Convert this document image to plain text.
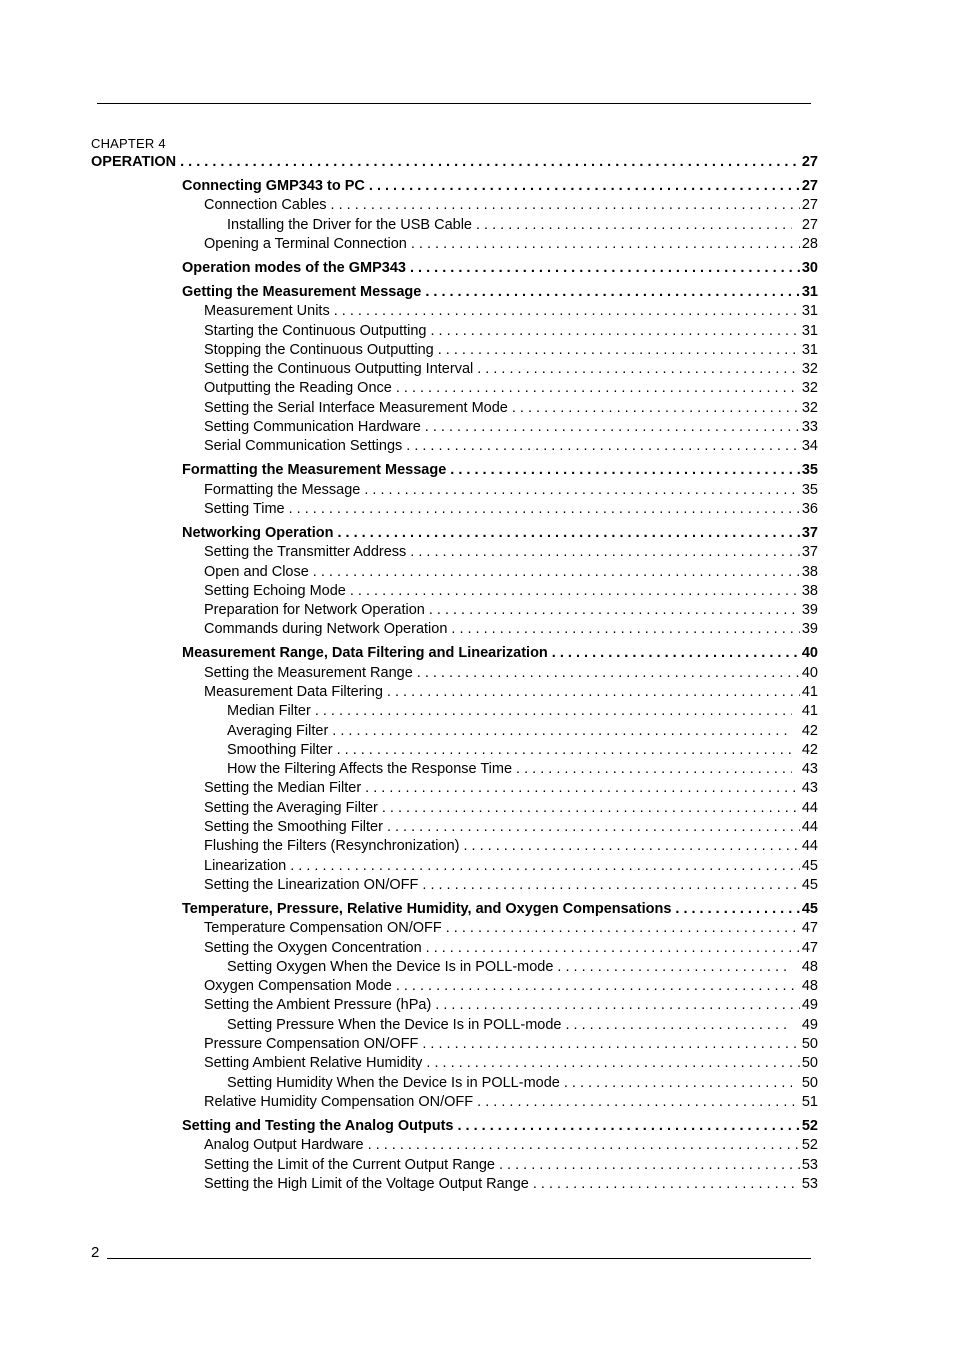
CHAPTER 4
OPERATION . . .	27
Connecting GMP343 to PC . . .	27
Connection Cables . . .	27
Installing the Driver for the USB Cable . . .	27
Opening a Terminal Connection . . .	28
Operation modes of the GMP343 . . .	30
Getting the Measurement Message . . .	31
Measurement Units . . .	31
Starting the Continuous Outputting . . .	31
Stopping the Continuous Outputting . . .	31
Setting the Continuous Outputting Interval . . .	32
Outputting the Reading Once . . .	32
Setting the Serial Interface Measurement Mode . . .	32
Setting Communication Hardware . . .	33
Serial Communication Settings . . .	34
Formatting the Measurement Message . . .	35
Formatting the Message . . .	35
Setting Time . . .	36
Networking Operation . . .	37
Setting the Transmitter Address . . .	37
Open and Close . . .	38
Setting Echoing Mode . . .	38
Preparation for Network Operation . . .	39
Commands during Network Operation . . .	39
Measurement Range, Data Filtering and Linearization . . .	40
Setting the Measurement Range . . .	40
Measurement Data Filtering . . .	41
Median Filter . . .	41
Averaging Filter . . .	42
Smoothing Filter . . .	42
How the Filtering Affects the Response Time . . .	43
Setting the Median Filter . . .	43
Setting the Averaging Filter . . .	44
Setting the Smoothing Filter . . .	44
Flushing the Filters (Resynchronization) . . .	44
Linearization . . .	45
Setting the Linearization ON/OFF . . .	45
Temperature, Pressure, Relative Humidity, and Oxygen Compensations . . .	45
Temperature Compensation ON/OFF . . .	47
Setting the Oxygen Concentration . . .	47
Setting Oxygen When the Device Is in POLL-mode . . .	48
Oxygen Compensation Mode . . .	48
Setting the Ambient Pressure (hPa) . . .	49
Setting Pressure When the Device Is in POLL-mode . . .	49
Pressure Compensation ON/OFF . . .	50
Setting Ambient Relative Humidity . . .	50
Setting Humidity When the Device Is in POLL-mode . . .	50
Relative Humidity Compensation ON/OFF . . .	51
Setting and Testing the Analog Outputs . . .	52
Analog Output Hardware . . .	52
Setting the Limit of the Current Output Range . . .	53
Setting the High Limit of the Voltage Output Range . . .	53
2
